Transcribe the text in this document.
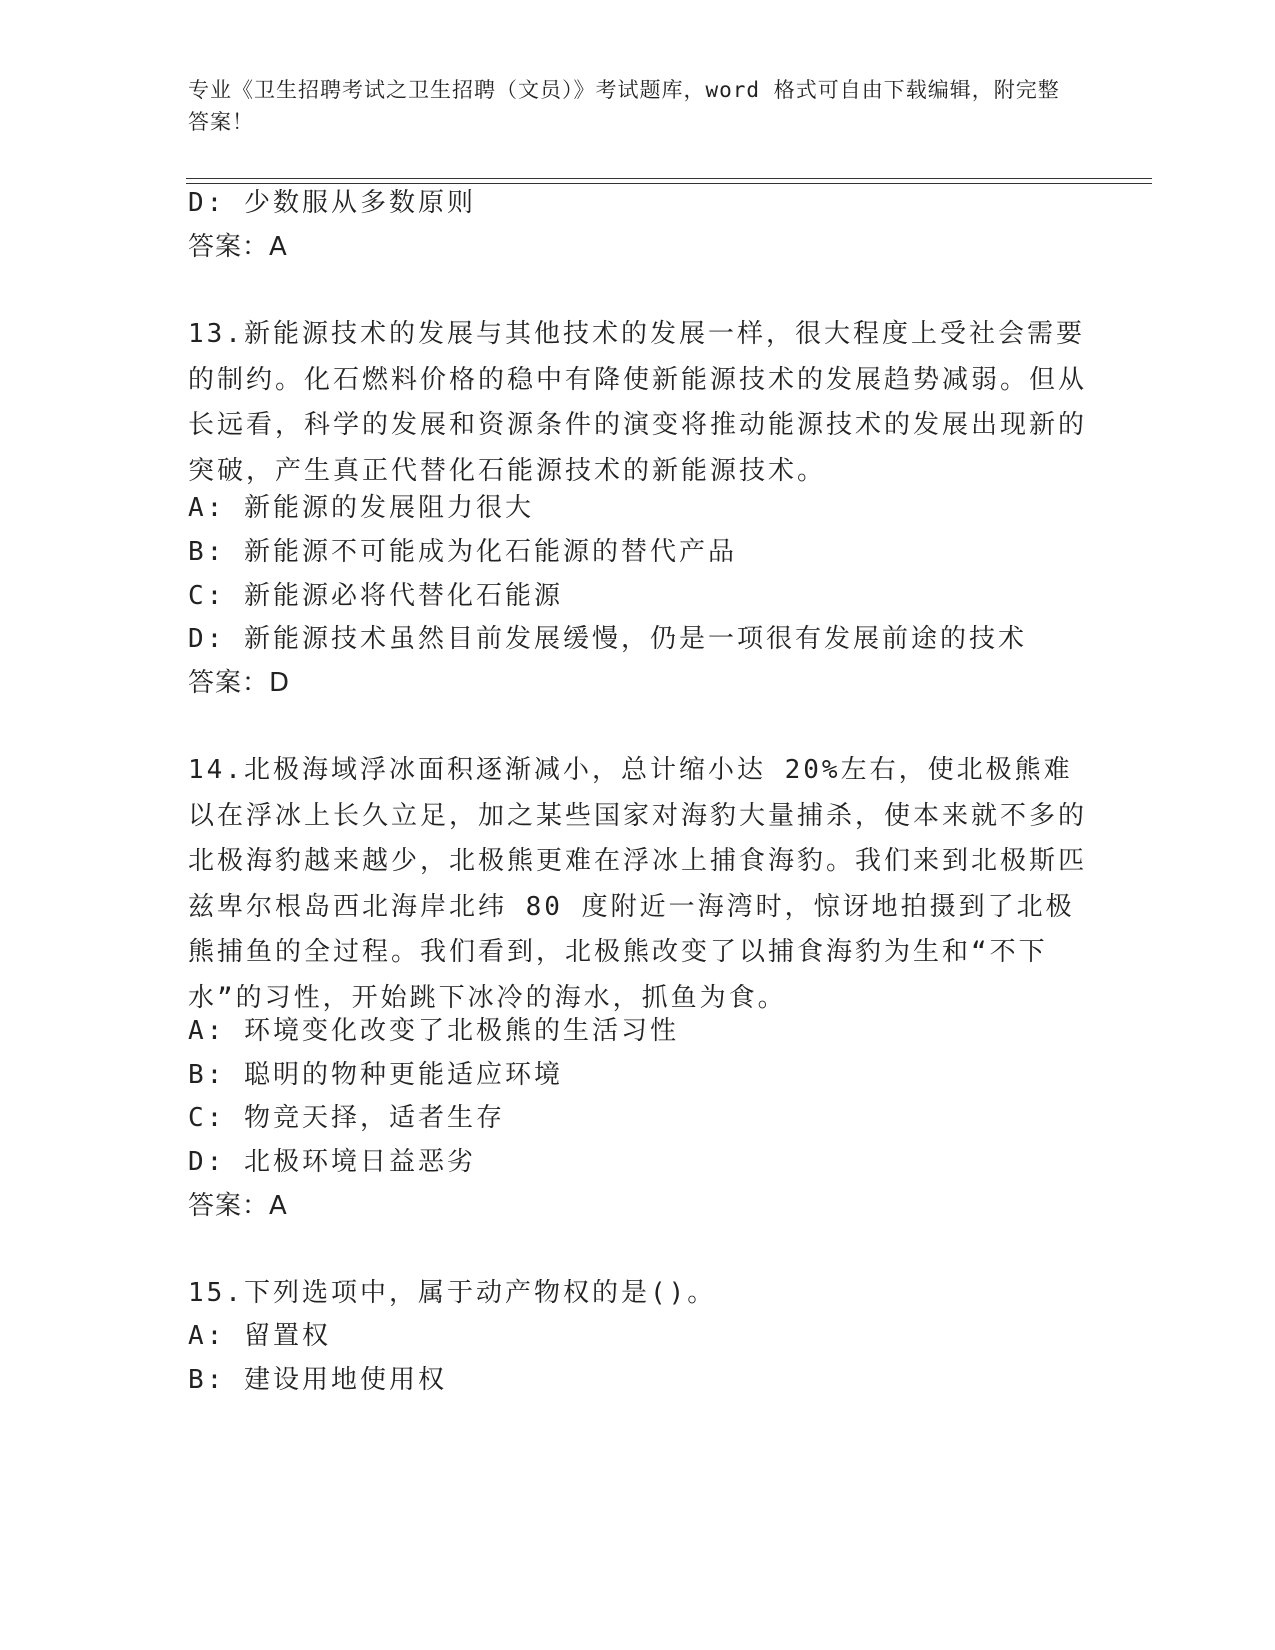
专业《卫生招聘考试之卫生招聘（文员）》考试题库，word 格式可自由下载编辑，附完整答案！
D: 少数服从多数原则
答案：A
13.新能源技术的发展与其他技术的发展一样，很大程度上受社会需要的制约。化石燃料价格的稳中有降使新能源技术的发展趋势减弱。但从长远看，科学的发展和资源条件的演变将推动能源技术的发展出现新的突破，产生真正代替化石能源技术的新能源技术。
A: 新能源的发展阻力很大
B: 新能源不可能成为化石能源的替代产品
C: 新能源必将代替化石能源
D: 新能源技术虽然目前发展缓慢，仍是一项很有发展前途的技术
答案：D
14.北极海域浮冰面积逐渐减小，总计缩小达 20%左右，使北极熊难以在浮冰上长久立足，加之某些国家对海豹大量捕杀，使本来就不多的北极海豹越来越少，北极熊更难在浮冰上捕食海豹。我们来到北极斯匹兹卑尔根岛西北海岸北纬 80 度附近一海湾时，惊讶地拍摄到了北极熊捕鱼的全过程。我们看到，北极熊改变了以捕食海豹为生和“不下水”的习性，开始跳下冰冷的海水，抓鱼为食。
A: 环境变化改变了北极熊的生活习性
B: 聪明的物种更能适应环境
C: 物竞天择，适者生存
D: 北极环境日益恶劣
答案：A
15.下列选项中，属于动产物权的是()。
A: 留置权
B: 建设用地使用权
